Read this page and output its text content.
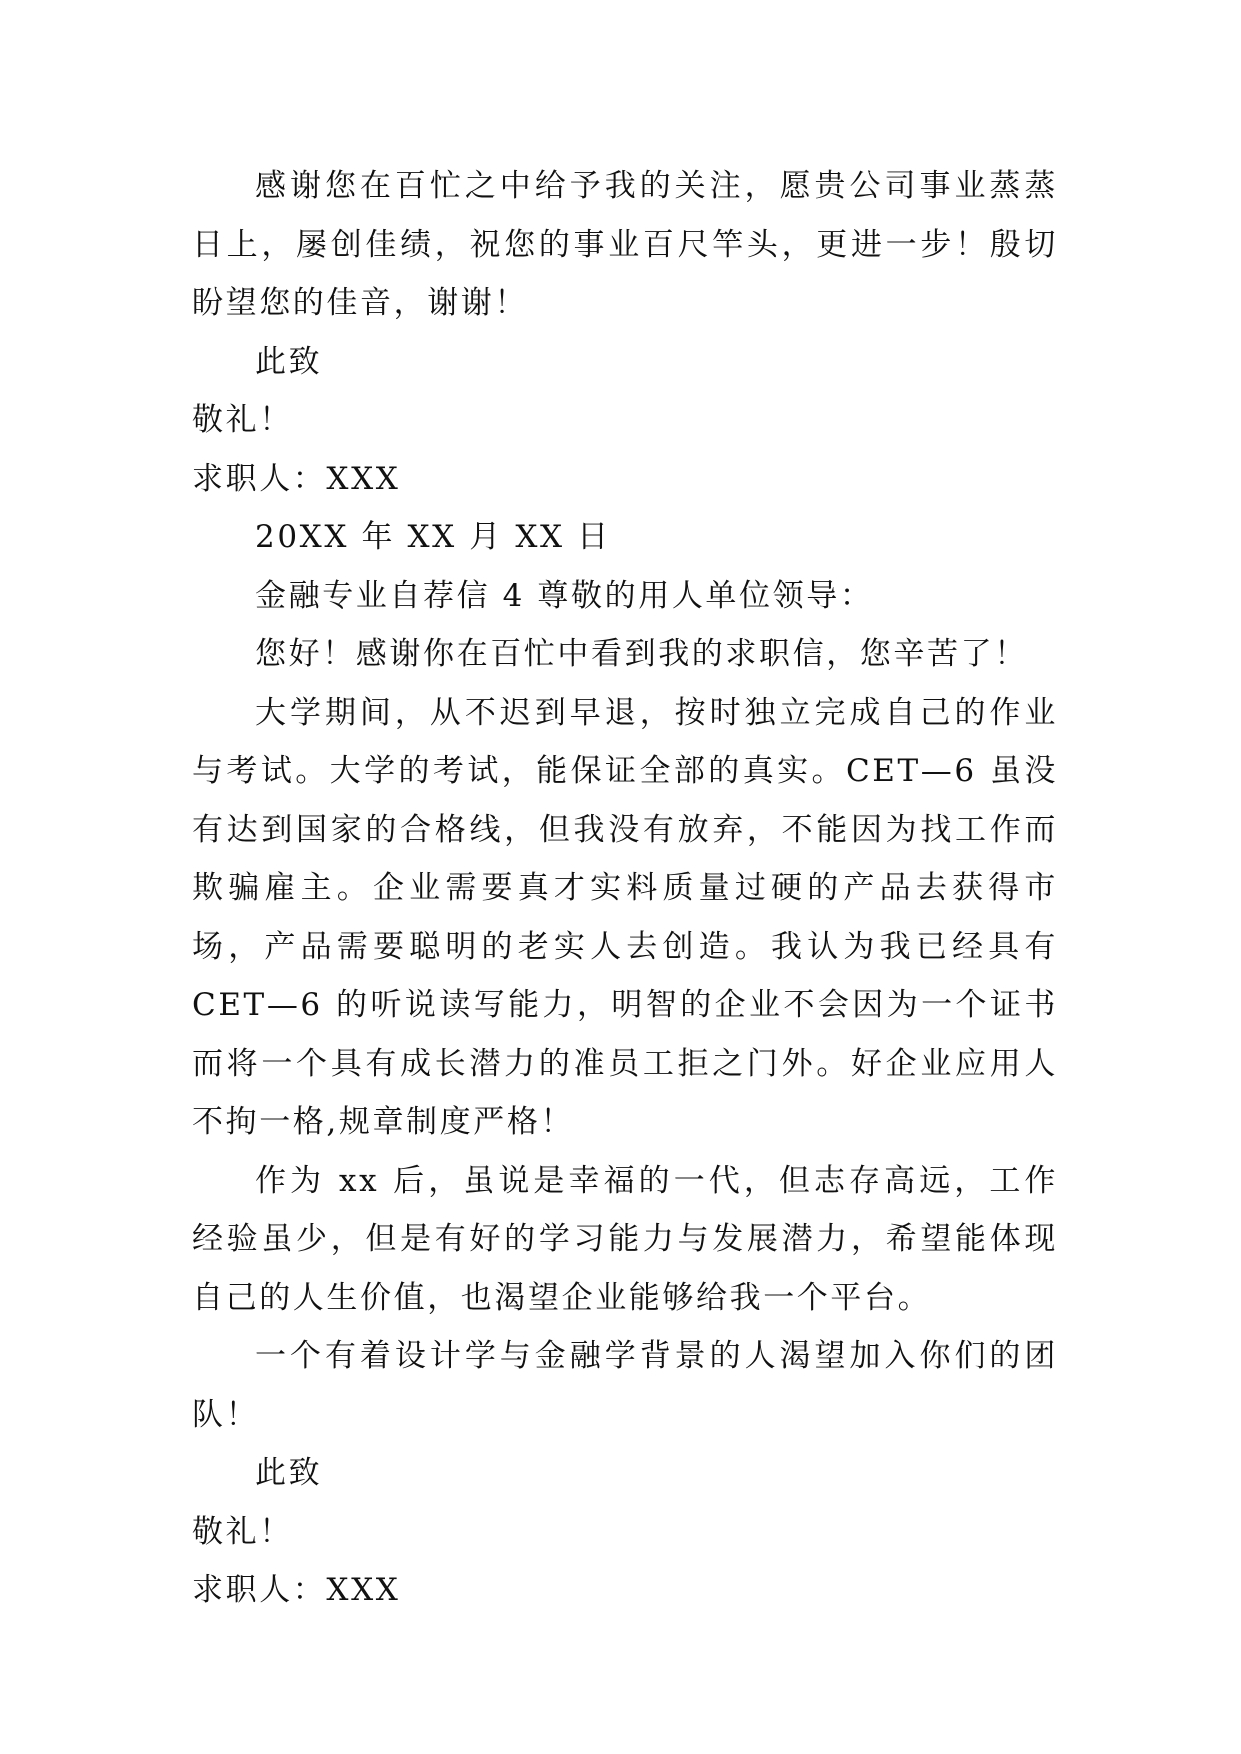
感谢您在百忙之中给予我的关注，愿贵公司事业蒸蒸日上，屡创佳绩，祝您的事业百尺竿头，更进一步！殷切盼望您的佳音，谢谢！

此致

敬礼！

求职人：XXX

20XX 年 XX 月 XX 日

金融专业自荐信 4 尊敬的用人单位领导：

您好！感谢你在百忙中看到我的求职信，您辛苦了！

大学期间，从不迟到早退，按时独立完成自己的作业与考试。大学的考试，能保证全部的真实。CET—6 虽没有达到国家的合格线，但我没有放弃，不能因为找工作而欺骗雇主。企业需要真才实料质量过硬的产品去获得市场，产品需要聪明的老实人去创造。我认为我已经具有 CET—6 的听说读写能力，明智的企业不会因为一个证书而将一个具有成长潜力的准员工拒之门外。好企业应用人不拘一格,规章制度严格！

作为 xx 后，虽说是幸福的一代，但志存高远，工作经验虽少，但是有好的学习能力与发展潜力，希望能体现自己的人生价值，也渴望企业能够给我一个平台。

一个有着设计学与金融学背景的人渴望加入你们的团队！

此致

敬礼！

求职人：XXX
